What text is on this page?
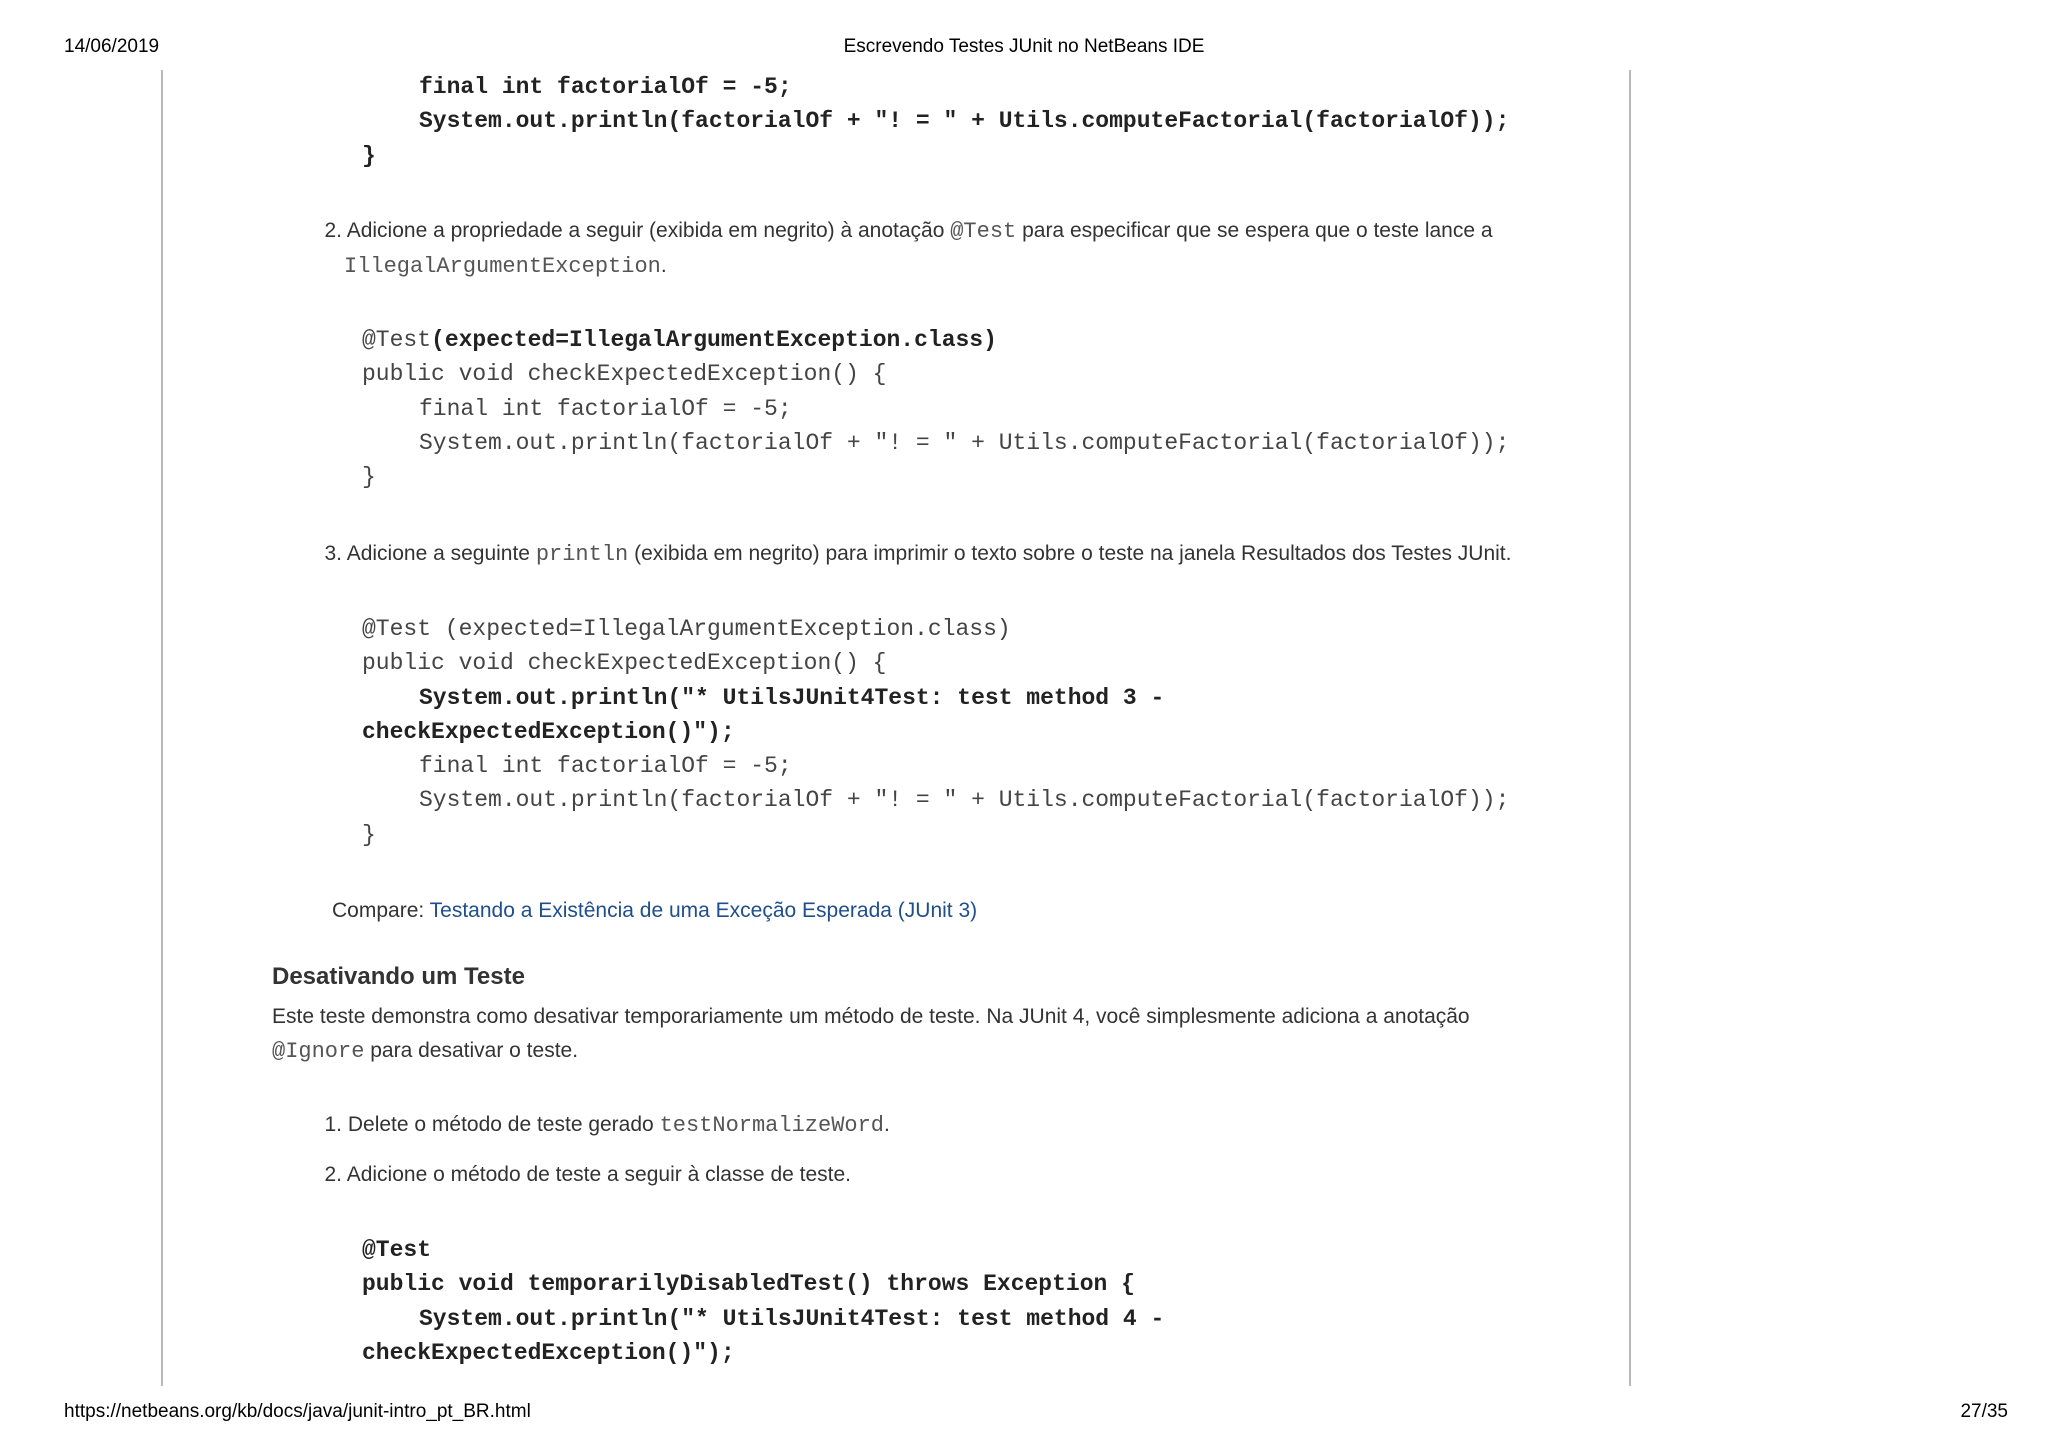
14/06/2019	Escrevendo Testes JUnit no NetBeans IDE
https://netbeans.org/kb/docs/java/junit-intro_pt_BR.html	27/35
final int factorialOf = -5;
System.out.println(factorialOf + "! = " + Utils.computeFactorial(factorialOf));
}
2. Adicione a propriedade a seguir (exibida em negrito) à anotação @Test para especificar que se espera que o teste lance a
IllegalArgumentException.
@Test(expected=IllegalArgumentException.class)
public void checkExpectedException() {
final int factorialOf = -5;
System.out.println(factorialOf + "! = " + Utils.computeFactorial(factorialOf));
}
3. Adicione a seguinte println (exibida em negrito) para imprimir o texto sobre o teste na janela Resultados dos Testes JUnit.
@Test (expected=IllegalArgumentException.class)
public void checkExpectedException() {
System.out.println("* UtilsJUnit4Test: test method 3 -
checkExpectedException()");
final int factorialOf = -5;
System.out.println(factorialOf + "! = " + Utils.computeFactorial(factorialOf));
}
Compare: Testando a Existência de uma Exceção Esperada (JUnit 3)
Desativando um Teste
Este teste demonstra como desativar temporariamente um método de teste. Na JUnit 4, você simplesmente adiciona a anotação
@Ignore para desativar o teste.
1. Delete o método de teste gerado testNormalizeWord.
2. Adicione o método de teste a seguir à classe de teste.
@Test
public void temporarilyDisabledTest() throws Exception {
System.out.println("* UtilsJUnit4Test: test method 4 -
checkExpectedException()");
